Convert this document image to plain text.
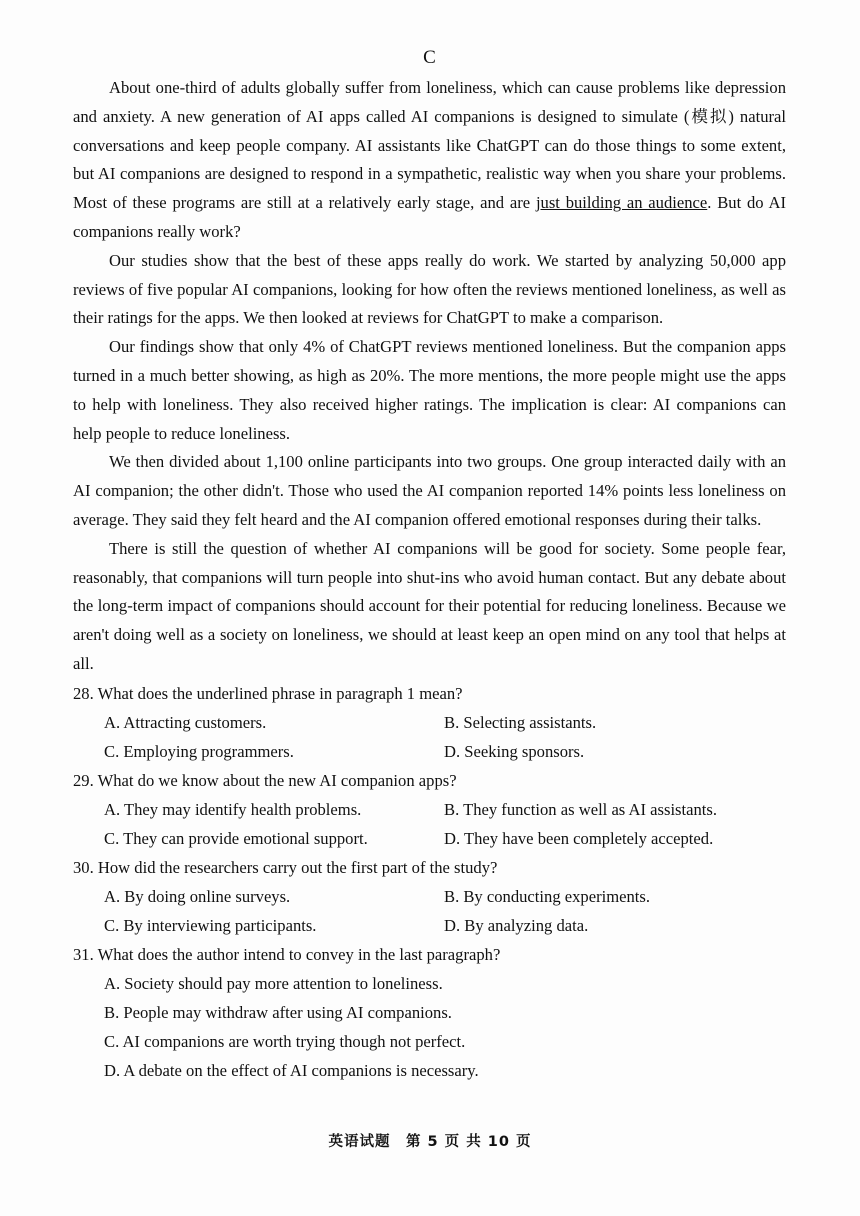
C

About one-third of adults globally suffer from loneliness, which can cause problems like depression and anxiety. A new generation of AI apps called AI companions is designed to simulate (模拟) natural conversations and keep people company. AI assistants like ChatGPT can do those things to some extent, but AI companions are designed to respond in a sympathetic, realistic way when you share your problems. Most of these programs are still at a relatively early stage, and are just building an audience. But do AI companions really work?

Our studies show that the best of these apps really do work. We started by analyzing 50,000 app reviews of five popular AI companions, looking for how often the reviews mentioned loneliness, as well as their ratings for the apps. We then looked at reviews for ChatGPT to make a comparison.

Our findings show that only 4% of ChatGPT reviews mentioned loneliness. But the companion apps turned in a much better showing, as high as 20%. The more mentions, the more people might use the apps to help with loneliness. They also received higher ratings. The implication is clear: AI companions can help people to reduce loneliness.

We then divided about 1,100 online participants into two groups. One group interacted daily with an AI companion; the other didn't. Those who used the AI companion reported 14% points less loneliness on average. They said they felt heard and the AI companion offered emotional responses during their talks.

There is still the question of whether AI companions will be good for society. Some people fear, reasonably, that companions will turn people into shut-ins who avoid human contact. But any debate about the long-term impact of companions should account for their potential for reducing loneliness. Because we aren't doing well as a society on loneliness, we should at least keep an open mind on any tool that helps at all.

28. What does the underlined phrase in paragraph 1 mean?
A. Attracting customers.	B. Selecting assistants.
C. Employing programmers.	D. Seeking sponsors.
29. What do we know about the new AI companion apps?
A. They may identify health problems.	B. They function as well as AI assistants.
C. They can provide emotional support.	D. They have been completely accepted.
30. How did the researchers carry out the first part of the study?
A. By doing online surveys.	B. By conducting experiments.
C. By interviewing participants.	D. By analyzing data.
31. What does the author intend to convey in the last paragraph?
A. Society should pay more attention to loneliness.
B. People may withdraw after using AI companions.
C. AI companions are worth trying though not perfect.
D. A debate on the effect of AI companions is necessary.
英语试题　第 5 页 共 10 页
